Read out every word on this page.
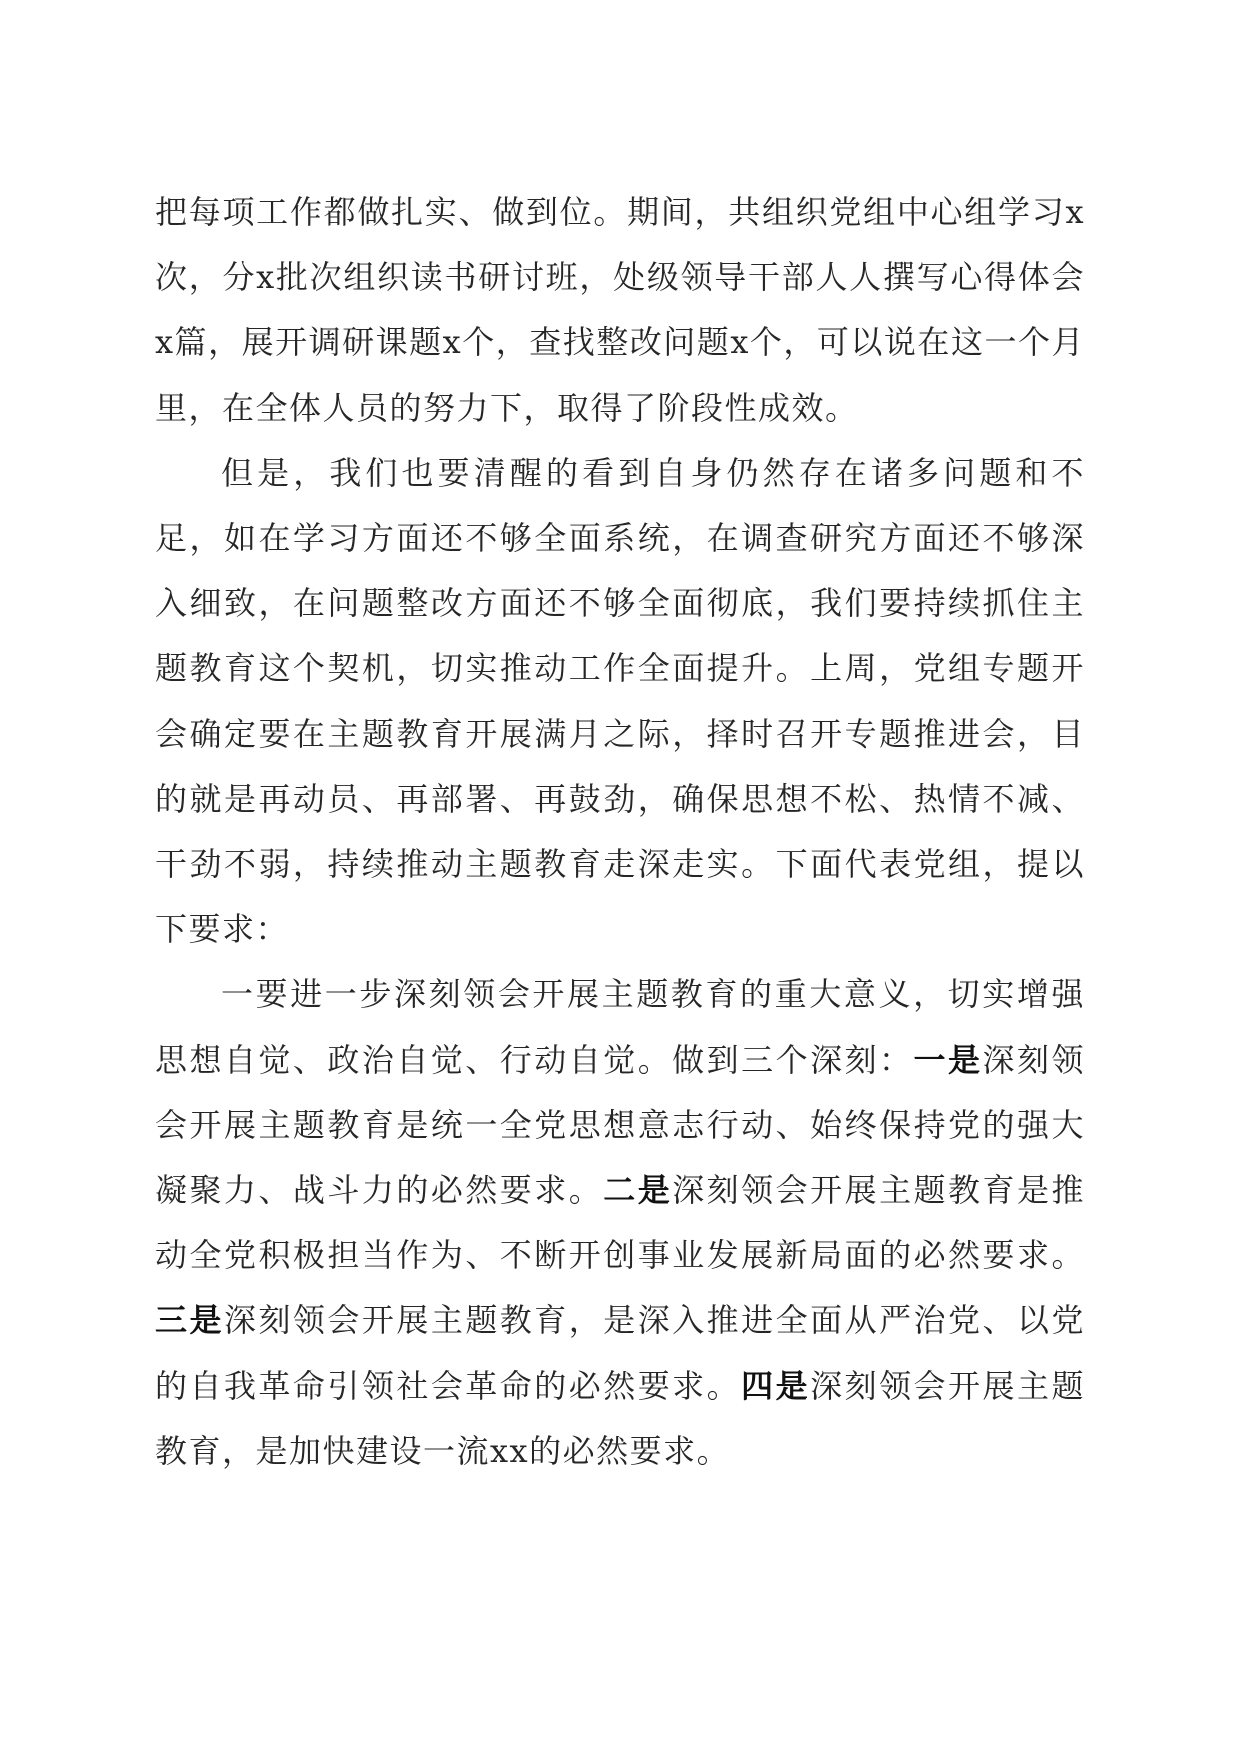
把每项工作都做扎实、做到位。期间，共组织党组中心组学习x次，分x批次组织读书研讨班，处级领导干部人人撰写心得体会x篇，展开调研课题x个，查找整改问题x个，可以说在这一个月里，在全体人员的努力下，取得了阶段性成效。

但是，我们也要清醒的看到自身仍然存在诸多问题和不足，如在学习方面还不够全面系统，在调查研究方面还不够深入细致，在问题整改方面还不够全面彻底，我们要持续抓住主题教育这个契机，切实推动工作全面提升。上周，党组专题开会确定要在主题教育开展满月之际，择时召开专题推进会，目的就是再动员、再部署、再鼓劲，确保思想不松、热情不减、干劲不弱，持续推动主题教育走深走实。下面代表党组，提以下要求：

一要进一步深刻领会开展主题教育的重大意义，切实增强思想自觉、政治自觉、行动自觉。做到三个深刻：一是深刻领会开展主题教育是统一全党思想意志行动、始终保持党的强大凝聚力、战斗力的必然要求。二是深刻领会开展主题教育是推动全党积极担当作为、不断开创事业发展新局面的必然要求。三是深刻领会开展主题教育，是深入推进全面从严治党、以党的自我革命引领社会革命的必然要求。四是深刻领会开展主题教育，是加快建设一流xx的必然要求。
